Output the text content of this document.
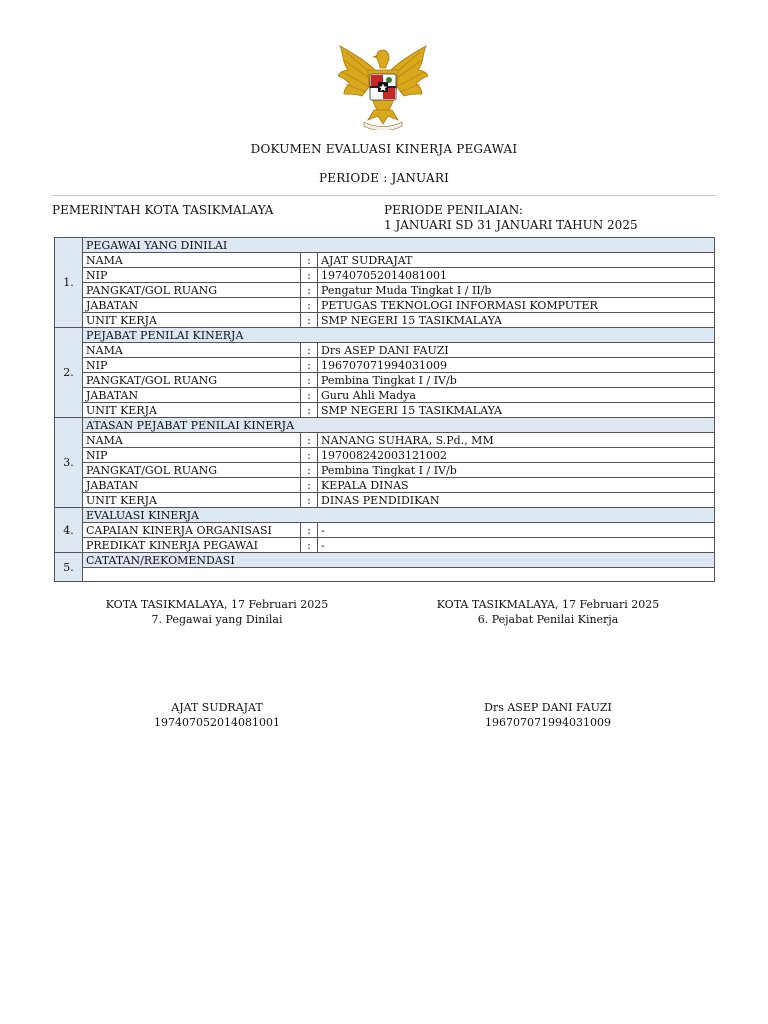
DOKUMEN EVALUASI KINERJA PEGAWAI
PERIODE : JANUARI
PEMERINTAH KOTA TASIKMALAYA	PERIODE PENILAIAN:
1 JANUARI SD 31 JANUARI TAHUN 2025
1.	PEGAWAI YANG DINILAI		
	NAMA	:	AJAT SUDRAJAT
	NIP	:	197407052014081001
	PANGKAT/GOL RUANG	:	Pengatur Muda Tingkat I / II/b
	JABATAN	:	PETUGAS TEKNOLOGI INFORMASI KOMPUTER
	UNIT KERJA	:	SMP NEGERI 15 TASIKMALAYA
2.	PEJABAT PENILAI KINERJA		
	NAMA	:	Drs ASEP DANI FAUZI
	NIP	:	196707071994031009
	PANGKAT/GOL RUANG	:	Pembina Tingkat I / IV/b
	JABATAN	:	Guru Ahli Madya
	UNIT KERJA	:	SMP NEGERI 15 TASIKMALAYA
3.	ATASAN PEJABAT PENILAI KINERJA		
	NAMA	:	NANANG SUHARA, S.Pd., MM
	NIP	:	197008242003121002
	PANGKAT/GOL RUANG	:	Pembina Tingkat I / IV/b
	JABATAN	:	KEPALA DINAS
	UNIT KERJA	:	DINAS PENDIDIKAN
4.	EVALUASI KINERJA		
	CAPAIAN KINERJA ORGANISASI	:	-
	PREDIKAT KINERJA PEGAWAI	:	-
5.	CATATAN/REKOMENDASI		

KOTA TASIKMALAYA, 17 Februari 2025
7. Pegawai yang Dinilai
KOTA TASIKMALAYA, 17 Februari 2025
6. Pejabat Penilai Kinerja
AJAT SUDRAJAT
197407052014081001
Drs ASEP DANI FAUZI
196707071994031009
